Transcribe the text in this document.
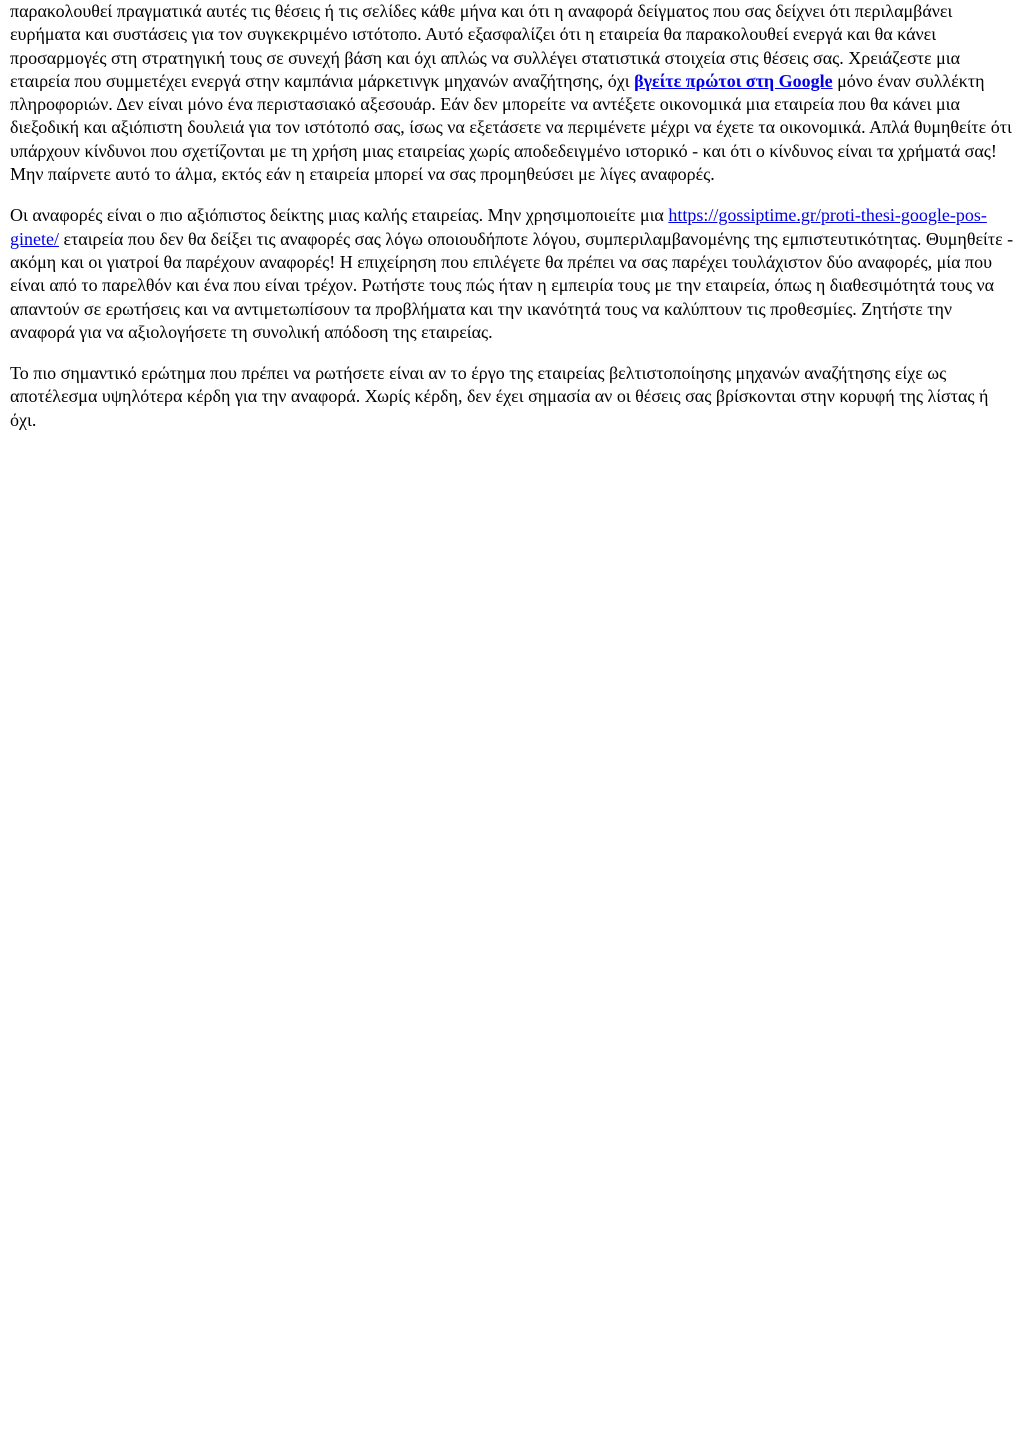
παρακολουθεί πραγματικά αυτές τις θέσεις ή τις σελίδες κάθε μήνα και ότι η αναφορά δείγματος που σας δείχνει ότι περιλαμβάνει ευρήματα και συστάσεις για τον συγκεκριμένο ιστότοπο. Αυτό εξασφαλίζει ότι η εταιρεία θα παρακολουθεί ενεργά και θα κάνει προσαρμογές στη στρατηγική τους σε συνεχή βάση και όχι απλώς να συλλέγει στατιστικά στοιχεία στις θέσεις σας. Χρειάζεστε μια εταιρεία που συμμετέχει ενεργά στην καμπάνια μάρκετινγκ μηχανών αναζήτησης, όχι βγείτε πρώτοι στη Google μόνο έναν συλλέκτη πληροφοριών. Δεν είναι μόνο ένα περιστασιακό αξεσουάρ. Εάν δεν μπορείτε να αντέξετε οικονομικά μια εταιρεία που θα κάνει μια διεξοδική και αξιόπιστη δουλειά για τον ιστότοπό σας, ίσως να εξετάσετε να περιμένετε μέχρι να έχετε τα οικονομικά. Απλά θυμηθείτε ότι υπάρχουν κίνδυνοι που σχετίζονται με τη χρήση μιας εταιρείας χωρίς αποδεδειγμένο ιστορικό - και ότι ο κίνδυνος είναι τα χρήματά σας! Μην παίρνετε αυτό το άλμα, εκτός εάν η εταιρεία μπορεί να σας προμηθεύσει με λίγες αναφορές.

Οι αναφορές είναι ο πιο αξιόπιστος δείκτης μιας καλής εταιρείας. Μην χρησιμοποιείτε μια https://gossiptime.gr/proti-thesi-google-pos-ginete/ εταιρεία που δεν θα δείξει τις αναφορές σας λόγω οποιουδήποτε λόγου, συμπεριλαμβανομένης της εμπιστευτικότητας. Θυμηθείτε - ακόμη και οι γιατροί θα παρέχουν αναφορές! Η επιχείρηση που επιλέγετε θα πρέπει να σας παρέχει τουλάχιστον δύο αναφορές, μία που είναι από το παρελθόν και ένα που είναι τρέχον. Ρωτήστε τους πώς ήταν η εμπειρία τους με την εταιρεία, όπως η διαθεσιμότητά τους να απαντούν σε ερωτήσεις και να αντιμετωπίσουν τα προβλήματα και την ικανότητά τους να καλύπτουν τις προθεσμίες. Ζητήστε την αναφορά για να αξιολογήσετε τη συνολική απόδοση της εταιρείας.

Το πιο σημαντικό ερώτημα που πρέπει να ρωτήσετε είναι αν το έργο της εταιρείας βελτιστοποίησης μηχανών αναζήτησης είχε ως αποτέλεσμα υψηλότερα κέρδη για την αναφορά. Χωρίς κέρδη, δεν έχει σημασία αν οι θέσεις σας βρίσκονται στην κορυφή της λίστας ή όχι.
